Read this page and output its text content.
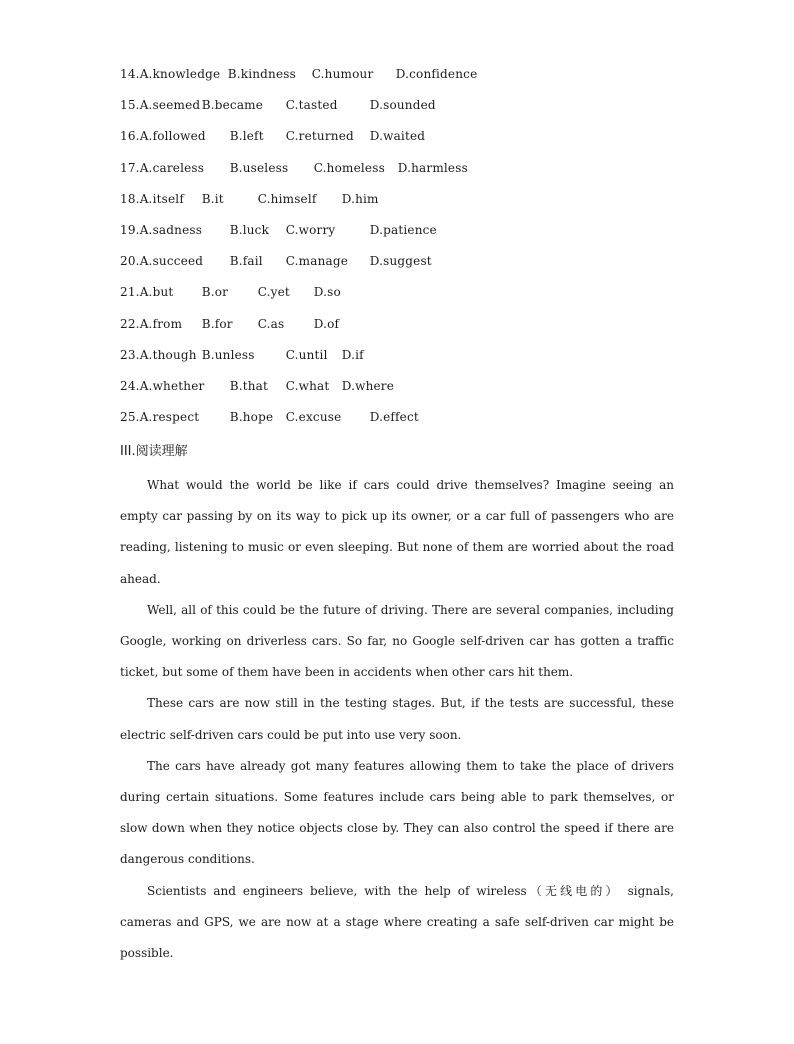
14.A.knowledge B.kindness C.humour D.confidence
15.A.seemedB.became C.tasted	D.sounded
16.A.followed B.left C.returned D.waited
17.A.careless B.useless C.homeless D.harmless
18.A.itself B.it	C.himself D.him
19.A.sadness B.luck C.worry	D.patience
20.A.succeed B.fail C.manage D.suggest
21.A.but B.or C.yet D.so
22.A.from B.for C.as D.of
23.A.though B.unless	C.until D.if
24.A.whether B.that C.what D.where
25.A.respect	B.hope C.excuse D.effect
III.阅读理解

What would the world be like if cars could drive themselves? Imagine seeing an empty car passing by on its way to pick up its owner, or a car full of passengers who are reading, listening to music or even sleeping. But none of them are worried about the road ahead.

Well, all of this could be the future of driving. There are several companies, including Google, working on driverless cars. So far, no Google self-driven car has gotten a traffic ticket, but some of them have been in accidents when other cars hit them.

These cars are now still in the testing stages. But, if the tests are successful, these electric self-driven cars could be put into use very soon.

The cars have already got many features allowing them to take the place of drivers during certain situations. Some features include cars being able to park themselves, or slow down when they notice objects close by. They can also control the speed if there are dangerous conditions.

Scientists and engineers believe, with the help of wireless（无线电的） signals, cameras and GPS, we are now at a stage where creating a safe self-driven car might be possible.
